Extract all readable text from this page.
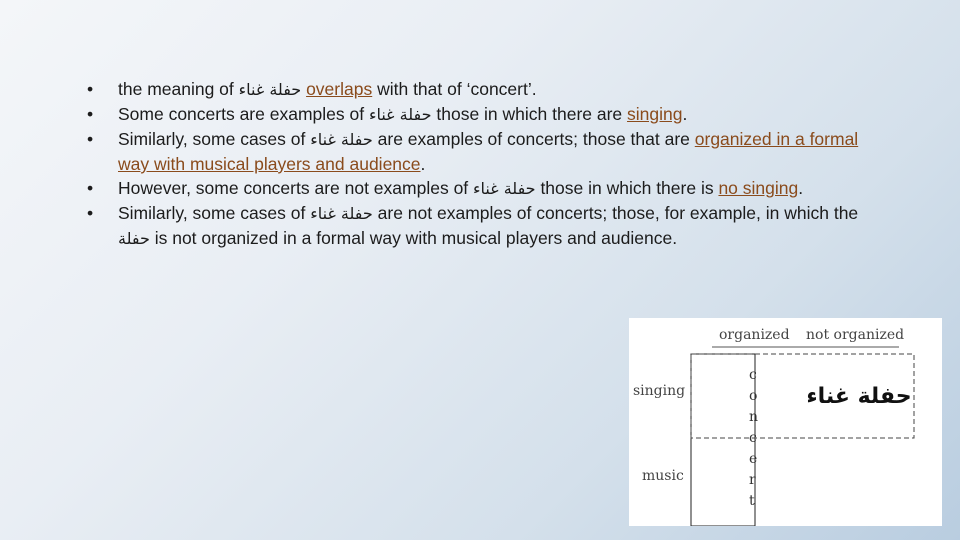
• the meaning of حفلة غناء overlaps with that of ‘concert’.
• Some concerts are examples of حفلة غناء those in which there are singing.
• Similarly, some cases of حفلة غناء are examples of concerts; those that are organized in a formal way with musical players and audience.
• However, some concerts are not examples of حفلة غناء those in which there is no singing.
• Similarly, some cases of حفلة غناء are not examples of concerts; those, for example, in which the حفلة is not organized in a formal way with musical players and audience.
organized not organized
singing
music
c
o
n
c
e
r
t
حفلة غناء
